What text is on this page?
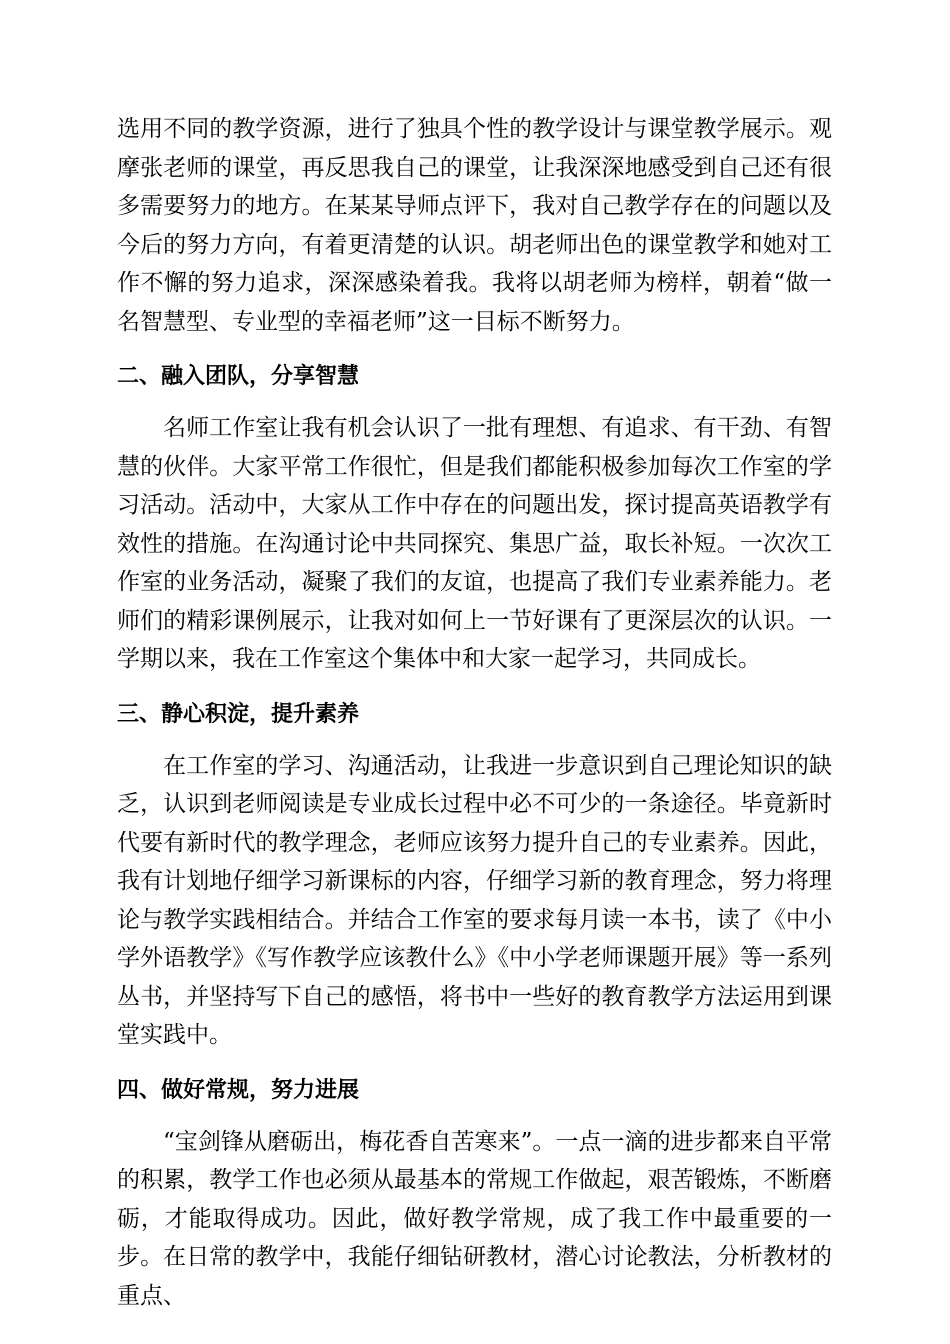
选用不同的教学资源，进行了独具个性的教学设计与课堂教学展示。观摩张老师的课堂，再反思我自己的课堂，让我深深地感受到自己还有很多需要努力的地方。在某某导师点评下，我对自己教学存在的问题以及今后的努力方向，有着更清楚的认识。胡老师出色的课堂教学和她对工作不懈的努力追求，深深感染着我。我将以胡老师为榜样，朝着“做一名智慧型、专业型的幸福老师”这一目标不断努力。

二、融入团队，分享智慧

名师工作室让我有机会认识了一批有理想、有追求、有干劲、有智慧的伙伴。大家平常工作很忙，但是我们都能积极参加每次工作室的学习活动。活动中，大家从工作中存在的问题出发，探讨提高英语教学有效性的措施。在沟通讨论中共同探究、集思广益，取长补短。一次次工作室的业务活动，凝聚了我们的友谊，也提高了我们专业素养能力。老师们的精彩课例展示，让我对如何上一节好课有了更深层次的认识。一学期以来，我在工作室这个集体中和大家一起学习，共同成长。

三、静心积淀，提升素养

在工作室的学习、沟通活动，让我进一步意识到自己理论知识的缺乏，认识到老师阅读是专业成长过程中必不可少的一条途径。毕竟新时代要有新时代的教学理念，老师应该努力提升自己的专业素养。因此，我有计划地仔细学习新课标的内容，仔细学习新的教育理念，努力将理论与教学实践相结合。并结合工作室的要求每月读一本书，读了《中小学外语教学》《写作教学应该教什么》《中小学老师课题开展》等一系列丛书，并坚持写下自己的感悟，将书中一些好的教育教学方法运用到课堂实践中。

四、做好常规，努力进展

“宝剑锋从磨砺出，梅花香自苦寒来”。一点一滴的进步都来自平常的积累，教学工作也必须从最基本的常规工作做起，艰苦锻炼，不断磨砺，才能取得成功。因此，做好教学常规，成了我工作中最重要的一步。在日常的教学中，我能仔细钻研教材，潜心讨论教法，分析教材的重点、
